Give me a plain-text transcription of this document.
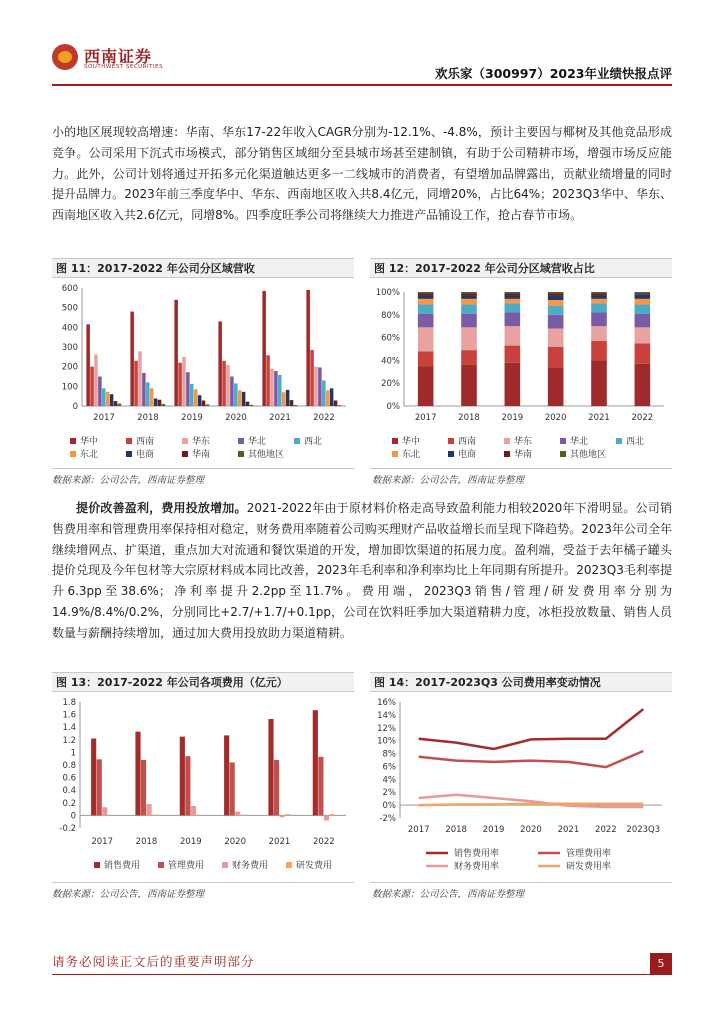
西南证券
SOUTHWEST SECURITIES	欢乐家（300997）2023年业绩快报点评
小的地区展现较高增速：华南、华东17-22年收入CAGR分别为-12.1%、-4.8%，预计主要因与椰树及其他竞品形成竞争。公司采用下沉式市场模式，部分销售区域细分至县城市场甚至建制镇，有助于公司精耕市场，增强市场反应能力。此外，公司计划将通过开拓多元化渠道触达更多一二线城市的消费者，有望增加品牌露出，贡献业绩增量的同时提升品牌力。2023年前三季度华中、华东、西南地区收入共8.4亿元，同增20%，占比64%；2023Q3华中、华东、西南地区收入共2.6亿元，同增8%。四季度旺季公司将继续大力推进产品铺设工作，抢占春节市场。
图 11：2017-2022 年公司分区域营收	图 12：2017-2022 年公司分区域营收占比
0
100
200
300
400
500
600
2017	2018	2019	2020	2021	2022
华中	西南	华东	华北	西北
东北	电商	华南	其他地区
0%
20%
40%
60%
80%
100%
2017	2018	2019	2020	2021	2022
华中	西南	华东	华北	西北
东北	电商	华南	其他地区
数据来源：公司公告，西南证券整理	数据来源：公司公告，西南证券整理
提价改善盈利，费用投放增加。2021-2022年由于原材料价格走高导致盈利能力相较2020年下滑明显。公司销售费用率和管理费用率保持相对稳定，财务费用率随着公司购买理财产品收益增长而呈现下降趋势。2023年公司全年继续增网点、扩渠道，重点加大对流通和餐饮渠道的开发，增加即饮渠道的拓展力度。盈利端，受益于去年橘子罐头提价兑现及今年包材等大宗原材料成本同比改善，2023年毛利率和净利率均比上年同期有所提升。2023Q3毛利率提升6.3pp至38.6%；净利率提升2.2pp至11.7%。费用端，2023Q3销售/管理/研发费用率分别为14.9%/8.4%/0.2%，分别同比+2.7/+1.7/+0.1pp，公司在饮料旺季加大渠道精耕力度，冰柜投放数量、销售人员数量与薪酬持续增加，通过加大费用投放助力渠道精耕。
图 13：2017-2022 年公司各项费用（亿元）	图 14：2017-2023Q3 公司费用率变动情况
-0.2
0
0.2
0.4
0.6
0.8
1
1.2
1.4
1.6
1.8
2017	2018	2019	2020	2021	2022
销售费用	管理费用	财务费用	研发费用
-2%
0%
2%
4%
6%
8%
10%
12%
14%
16%
2017 2018 2019 2020 2021 2022 2023Q3
销售费用率	管理费用率
财务费用率	研发费用率
数据来源：公司公告，西南证券整理	数据来源：公司公告，西南证券整理
请务必阅读正文后的重要声明部分	5
